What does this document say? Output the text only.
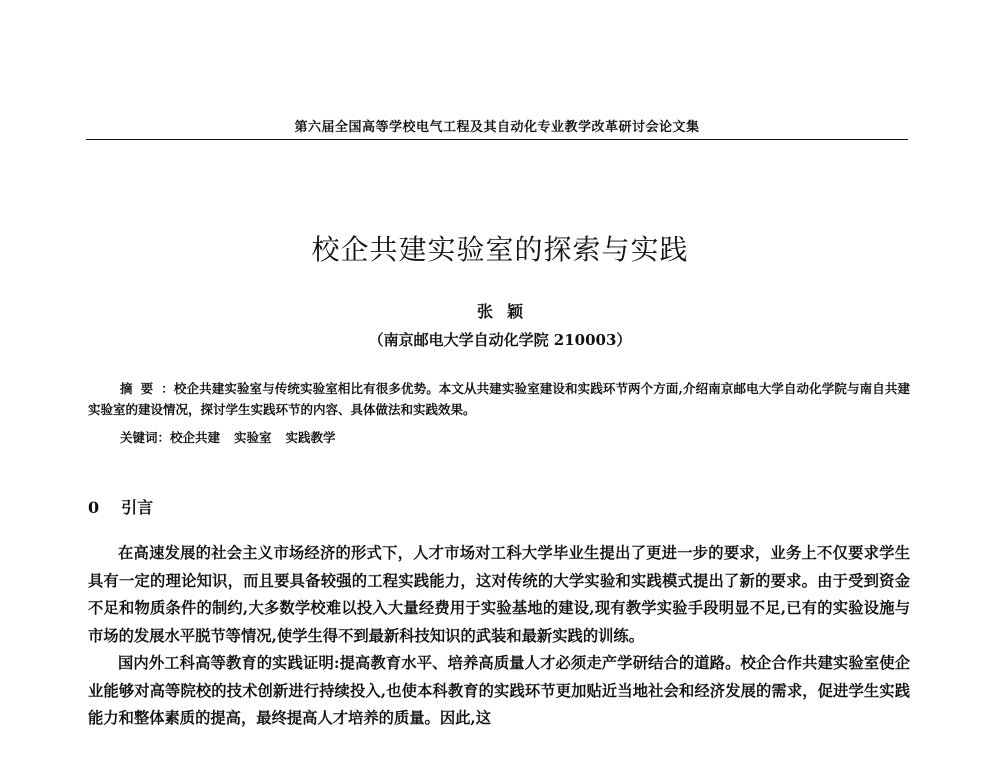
第六届全国高等学校电气工程及其自动化专业教学改革研讨会论文集
校企共建实验室的探索与实践
张颖
（南京邮电大学自动化学院 210003）
摘要：校企共建实验室与传统实验室相比有很多优势。本文从共建实验室建设和实践环节两个方面,介绍南京邮电大学自动化学院与南自共建实验室的建设情况，探讨学生实践环节的内容、具体做法和实践效果。
关键词：校企共建 实验室 实践教学
0 引言

在高速发展的社会主义市场经济的形式下，人才市场对工科大学毕业生提出了更进一步的要求，业务上不仅要求学生具有一定的理论知识，而且要具备较强的工程实践能力，这对传统的大学实验和实践模式提出了新的要求。由于受到资金不足和物质条件的制约,大多数学校难以投入大量经费用于实验基地的建设,现有教学实验手段明显不足,已有的实验设施与市场的发展水平脱节等情况,使学生得不到最新科技知识的武装和最新实践的训练。

国内外工科高等教育的实践证明:提高教育水平、培养高质量人才必须走产学研结合的道路。校企合作共建实验室使企业能够对高等院校的技术创新进行持续投入,也使本科教育的实践环节更加贴近当地社会和经济发展的需求，促进学生实践能力和整体素质的提高，最终提高人才培养的质量。因此,这
